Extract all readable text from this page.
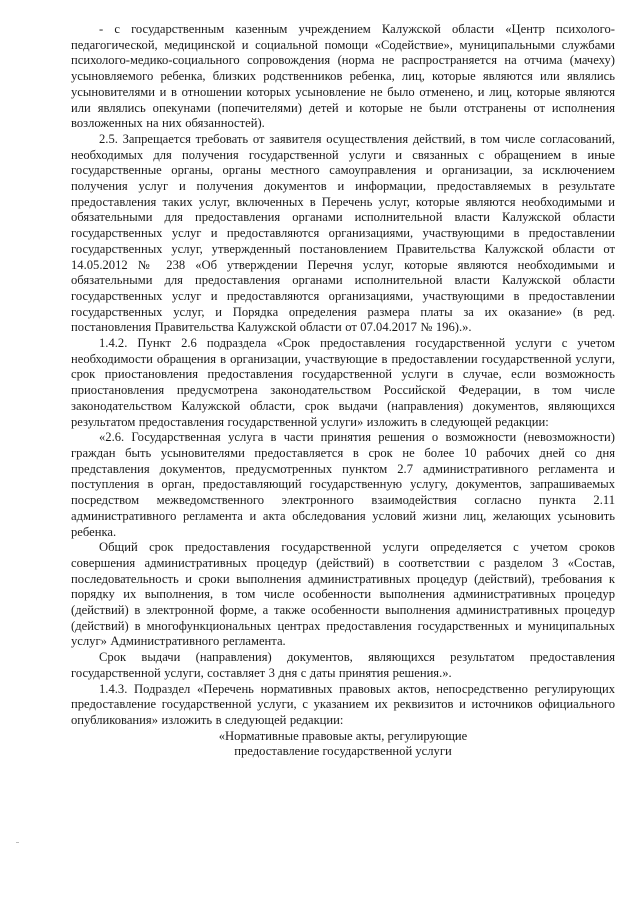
- с государственным казенным учреждением Калужской области «Центр психолого-педагогической, медицинской и социальной помощи «Содействие», муниципальными службами психолого-медико-социального сопровождения (норма не распространяется на отчима (мачеху) усыновляемого ребенка, близких родственников ребенка, лиц, которые являются или являлись усыновителями и в отношении которых усыновление не было отменено, и лиц, которые являются или являлись опекунами (попечителями) детей и которые не были отстранены от исполнения возложенных на них обязанностей).

2.5. Запрещается требовать от заявителя осуществления действий, в том числе согласований, необходимых для получения государственной услуги и связанных с обращением в иные государственные органы, органы местного самоуправления и организации, за исключением получения услуг и получения документов и информации, предоставляемых в результате предоставления таких услуг, включенных в Перечень услуг, которые являются необходимыми и обязательными для предоставления органами исполнительной власти Калужской области государственных услуг и предоставляются организациями, участвующими в предоставлении государственных услуг, утвержденный постановлением Правительства Калужской области от 14.05.2012 № 238 «Об утверждении Перечня услуг, которые являются необходимыми и обязательными для предоставления органами исполнительной власти Калужской области государственных услуг и предоставляются организациями, участвующими в предоставлении государственных услуг, и Порядка определения размера платы за их оказание» (в ред. постановления Правительства Калужской области от 07.04.2017 № 196).».

1.4.2. Пункт 2.6 подраздела «Срок предоставления государственной услуги с учетом необходимости обращения в организации, участвующие в предоставлении государственной услуги, срок приостановления предоставления государственной услуги в случае, если возможность приостановления предусмотрена законодательством Российской Федерации, в том числе законодательством Калужской области, срок выдачи (направления) документов, являющихся результатом предоставления государственной услуги» изложить в следующей редакции:

«2.6. Государственная услуга в части принятия решения о возможности (невозможности) граждан быть усыновителями предоставляется в срок не более 10 рабочих дней со дня представления документов, предусмотренных пунктом 2.7 административного регламента и поступления в орган, предоставляющий государственную услугу, документов, запрашиваемых посредством межведомственного электронного взаимодействия согласно пункта 2.11 административного регламента и акта обследования условий жизни лиц, желающих усыновить ребенка.

Общий срок предоставления государственной услуги определяется с учетом сроков совершения административных процедур (действий) в соответствии с разделом 3 «Состав, последовательность и сроки выполнения административных процедур (действий), требования к порядку их выполнения, в том числе особенности выполнения административных процедур (действий) в электронной форме, а также особенности выполнения административных процедур (действий) в многофункциональных центрах предоставления государственных и муниципальных услуг» Административного регламента.

Срок выдачи (направления) документов, являющихся результатом предоставления государственной услуги, составляет 3 дня с даты принятия решения.».

1.4.3. Подраздел «Перечень нормативных правовых актов, непосредственно регулирующих предоставление государственной услуги, с указанием их реквизитов и источников официального опубликования» изложить в следующей редакции:

«Нормативные правовые акты, регулирующие

предоставление государственной услуги
